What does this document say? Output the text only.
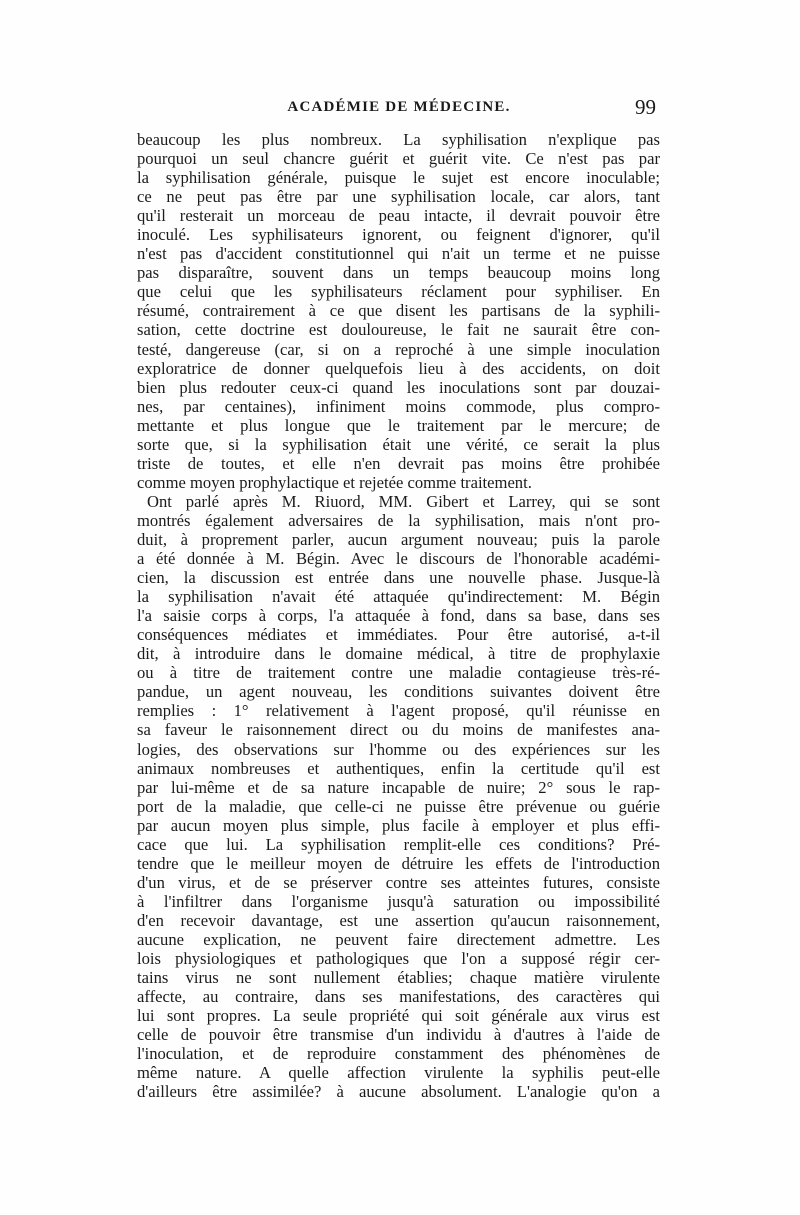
ACADÉMIE DE MÉDECINE.	99
beaucoup les plus nombreux. La syphilisation n'explique pas
pourquoi un seul chancre guérit et guérit vite. Ce n'est pas par
la syphilisation générale, puisque le sujet est encore inoculable;
ce ne peut pas être par une syphilisation locale, car alors, tant
qu'il resterait un morceau de peau intacte, il devrait pouvoir être
inoculé. Les syphilisateurs ignorent, ou feignent d'ignorer, qu'il
n'est pas d'accident constitutionnel qui n'ait un terme et ne puisse
pas disparaître, souvent dans un temps beaucoup moins long
que celui que les syphilisateurs réclament pour syphiliser. En
résumé, contrairement à ce que disent les partisans de la syphili-
sation, cette doctrine est douloureuse, le fait ne saurait être con-
testé, dangereuse (car, si on a reproché à une simple inoculation
exploratrice de donner quelquefois lieu à des accidents, on doit
bien plus redouter ceux-ci quand les inoculations sont par douzai-
nes, par centaines), infiniment moins commode, plus compro-
mettante et plus longue que le traitement par le mercure; de
sorte que, si la syphilisation était une vérité, ce serait la plus
triste de toutes, et elle n'en devrait pas moins être prohibée
comme moyen prophylactique et rejetée comme traitement.
Ont parlé après M. Riuord, MM. Gibert et Larrey, qui se sont
montrés également adversaires de la syphilisation, mais n'ont pro-
duit, à proprement parler, aucun argument nouveau; puis la parole
a été donnée à M. Bégin. Avec le discours de l'honorable académi-
cien, la discussion est entrée dans une nouvelle phase. Jusque-là
la syphilisation n'avait été attaquée qu'indirectement: M. Bégin
l'a saisie corps à corps, l'a attaquée à fond, dans sa base, dans ses
conséquences médiates et immédiates. Pour être autorisé, a-t-il
dit, à introduire dans le domaine médical, à titre de prophylaxie
ou à titre de traitement contre une maladie contagieuse très-ré-
pandue, un agent nouveau, les conditions suivantes doivent être
remplies : 1° relativement à l'agent proposé, qu'il réunisse en
sa faveur le raisonnement direct ou du moins de manifestes ana-
logies, des observations sur l'homme ou des expériences sur les
animaux nombreuses et authentiques, enfin la certitude qu'il est
par lui-même et de sa nature incapable de nuire; 2° sous le rap-
port de la maladie, que celle-ci ne puisse être prévenue ou guérie
par aucun moyen plus simple, plus facile à employer et plus effi-
cace que lui. La syphilisation remplit-elle ces conditions? Pré-
tendre que le meilleur moyen de détruire les effets de l'introduction
d'un virus, et de se préserver contre ses atteintes futures, consiste
à l'infiltrer dans l'organisme jusqu'à saturation ou impossibilité
d'en recevoir davantage, est une assertion qu'aucun raisonnement,
aucune explication, ne peuvent faire directement admettre. Les
lois physiologiques et pathologiques que l'on a supposé régir cer-
tains virus ne sont nullement établies; chaque matière virulente
affecte, au contraire, dans ses manifestations, des caractères qui
lui sont propres. La seule propriété qui soit générale aux virus est
celle de pouvoir être transmise d'un individu à d'autres à l'aide de
l'inoculation, et de reproduire constamment des phénomènes de
même nature. A quelle affection virulente la syphilis peut-elle
d'ailleurs être assimilée? à aucune absolument. L'analogie qu'on a
